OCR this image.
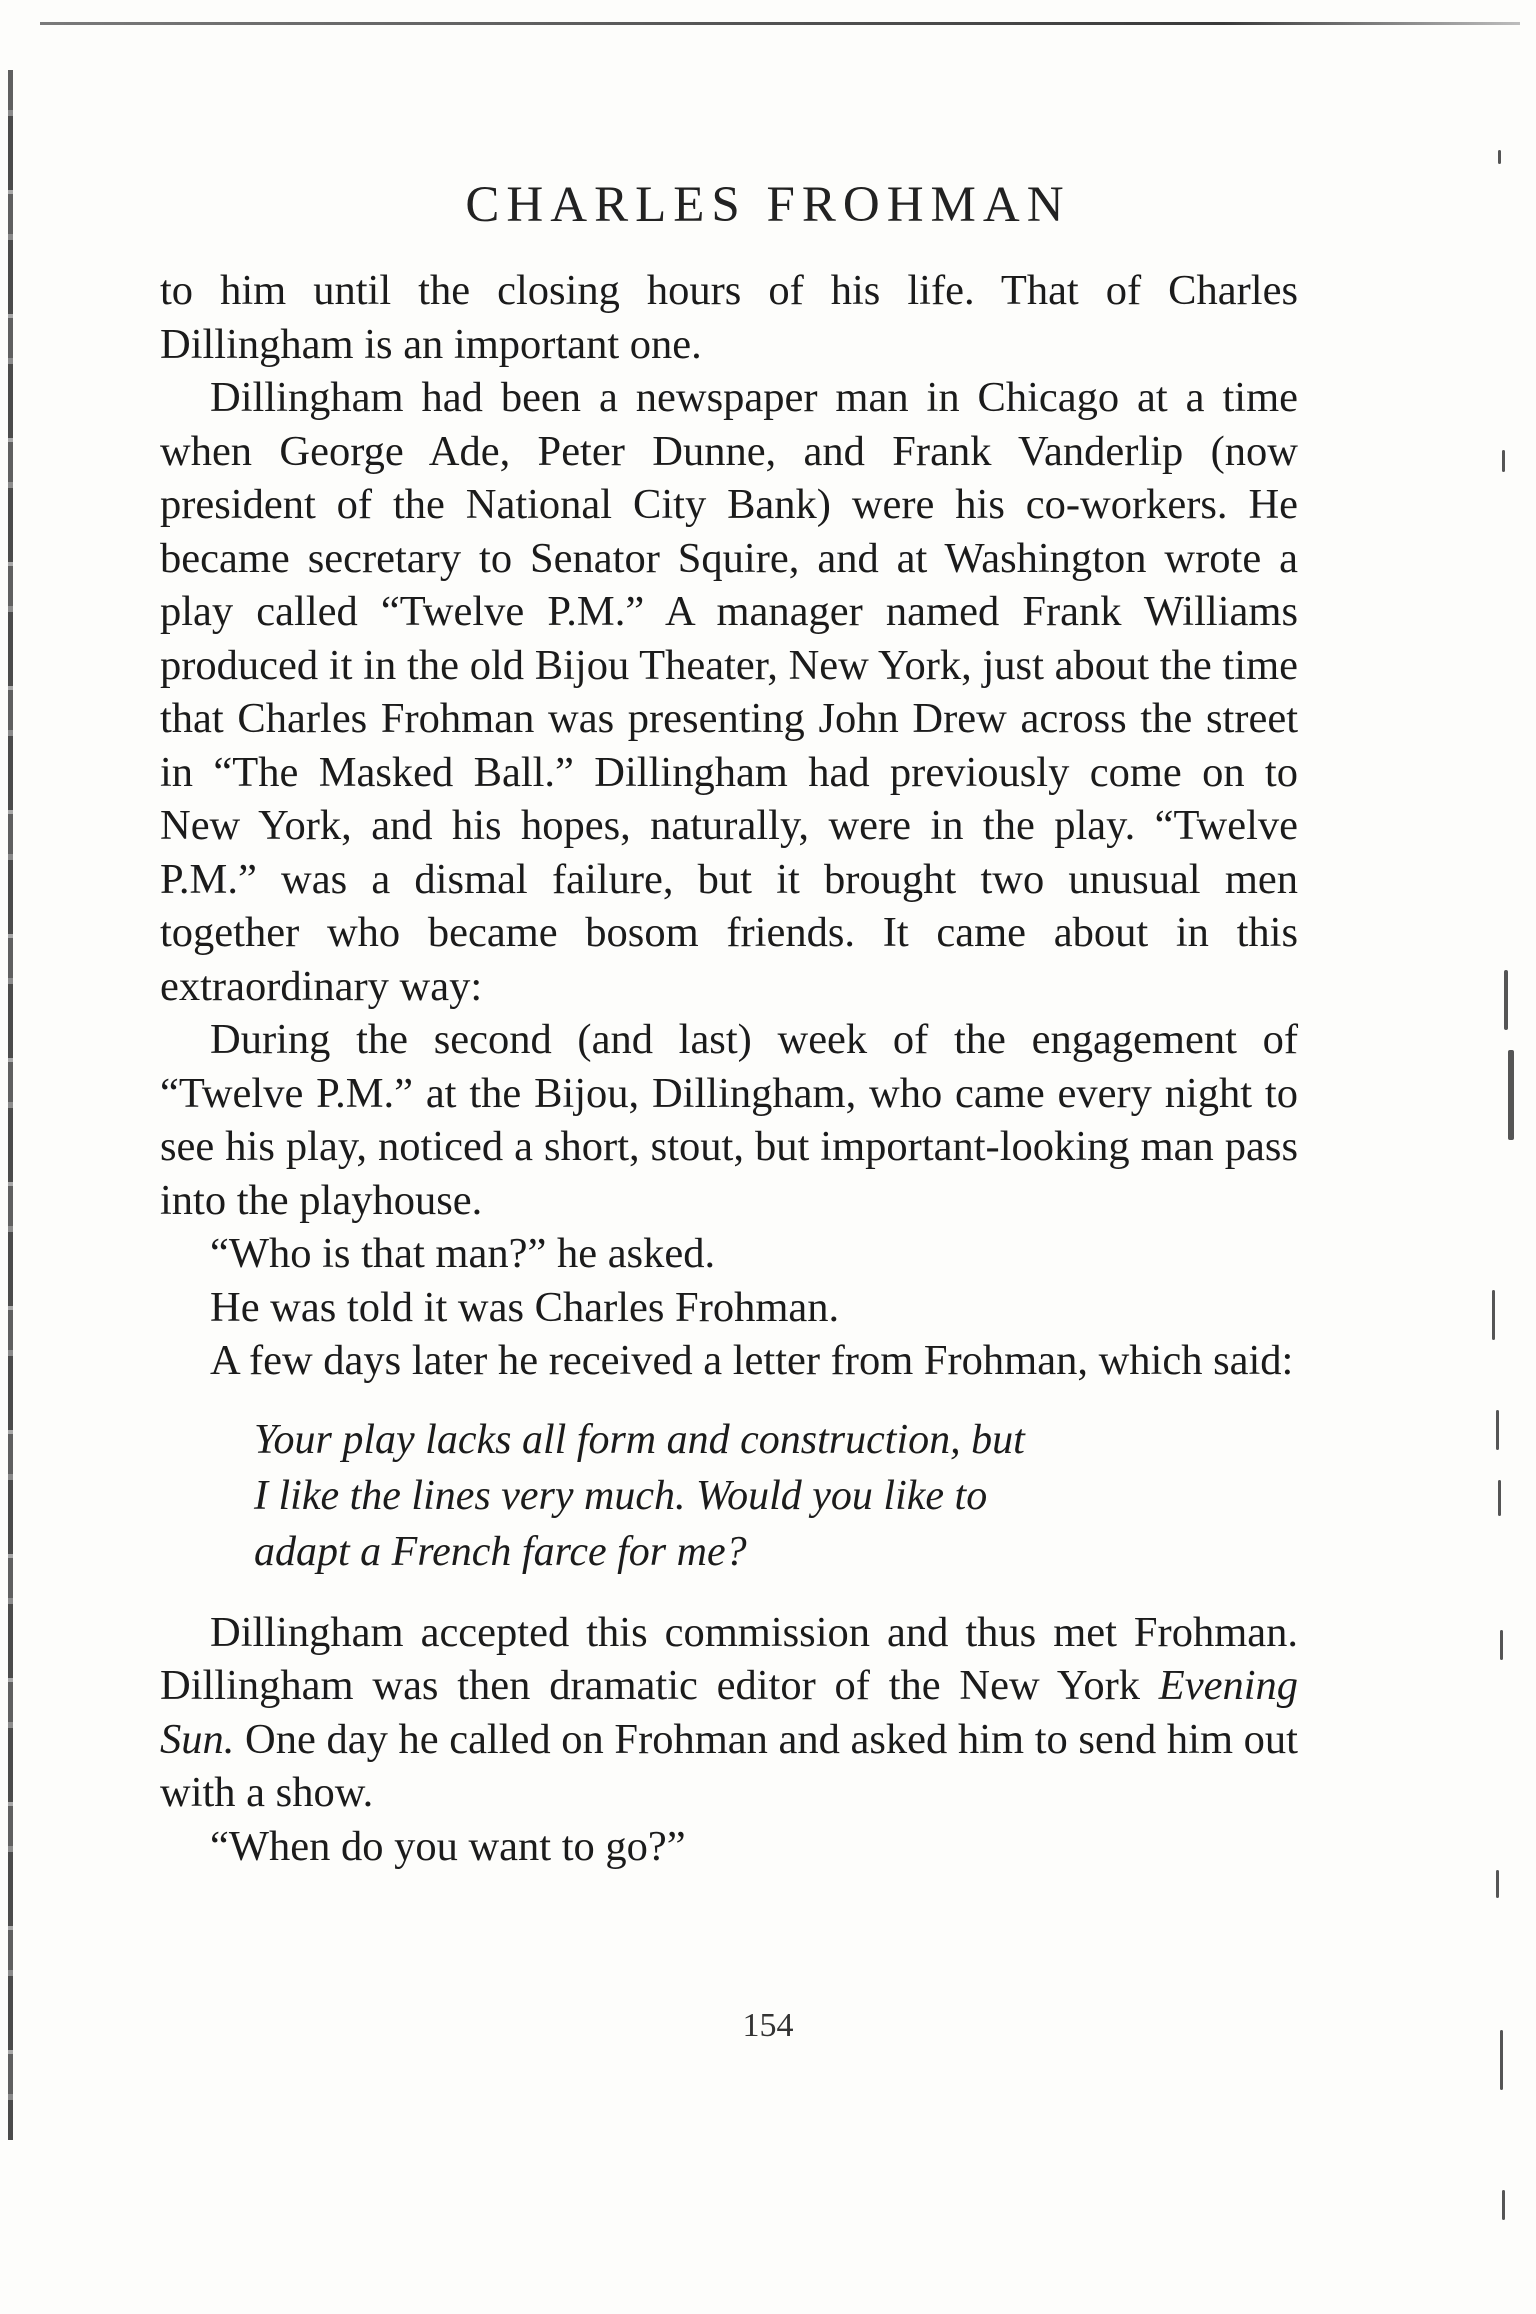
CHARLES FROHMAN

to him until the closing hours of his life. That of Charles Dillingham is an important one.

Dillingham had been a newspaper man in Chicago at a time when George Ade, Peter Dunne, and Frank Vanderlip (now president of the National City Bank) were his co-workers. He became secretary to Senator Squire, and at Washington wrote a play called “Twelve P.M.” A manager named Frank Williams produced it in the old Bijou Theater, New York, just about the time that Charles Frohman was presenting John Drew across the street in “The Masked Ball.” Dillingham had previously come on to New York, and his hopes, naturally, were in the play. “Twelve P.M.” was a dismal failure, but it brought two unusual men together who became bosom friends. It came about in this extraordinary way:

During the second (and last) week of the engagement of “Twelve P.M.” at the Bijou, Dillingham, who came every night to see his play, noticed a short, stout, but important-looking man pass into the playhouse.

“Who is that man?” he asked.

He was told it was Charles Frohman.

A few days later he received a letter from Frohman, which said:

Your play lacks all form and construction, but
I like the lines very much. Would you like to
adapt a French farce for me?

Dillingham accepted this commission and thus met Frohman. Dillingham was then dramatic editor of the New York Evening Sun. One day he called on Frohman and asked him to send him out with a show.

“When do you want to go?”

154
